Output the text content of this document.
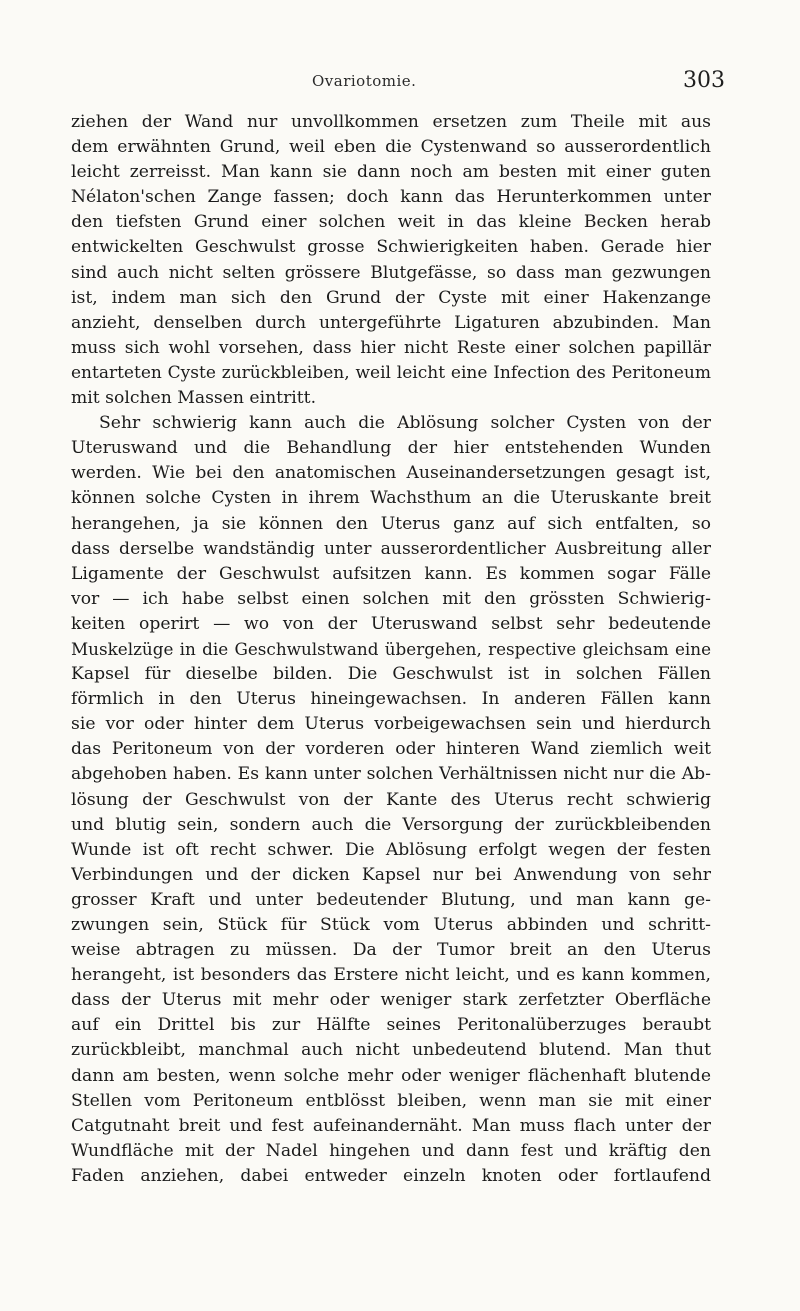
Ovariotomie.	303
ziehen der Wand nur unvollkommen ersetzen zum Theile mit aus
dem erwähnten Grund, weil eben die Cystenwand so ausserordentlich
leicht zerreisst. Man kann sie dann noch am besten mit einer guten
Nélaton'schen Zange fassen; doch kann das Herunterkommen unter
den tiefsten Grund einer solchen weit in das kleine Becken herab
entwickelten Geschwulst grosse Schwierigkeiten haben. Gerade hier
sind auch nicht selten grössere Blutgefässe, so dass man gezwungen
ist, indem man sich den Grund der Cyste mit einer Hakenzange
anzieht, denselben durch untergeführte Ligaturen abzubinden. Man
muss sich wohl vorsehen, dass hier nicht Reste einer solchen papillär
entarteten Cyste zurückbleiben, weil leicht eine Infection des Peritoneum
mit solchen Massen eintritt.
Sehr schwierig kann auch die Ablösung solcher Cysten von der
Uteruswand und die Behandlung der hier entstehenden Wunden
werden. Wie bei den anatomischen Auseinandersetzungen gesagt ist,
können solche Cysten in ihrem Wachsthum an die Uteruskante breit
herangehen, ja sie können den Uterus ganz auf sich entfalten, so
dass derselbe wandständig unter ausserordentlicher Ausbreitung aller
Ligamente der Geschwulst aufsitzen kann. Es kommen sogar Fälle
vor — ich habe selbst einen solchen mit den grössten Schwierig-
keiten operirt — wo von der Uteruswand selbst sehr bedeutende
Muskelzüge in die Geschwulstwand übergehen, respective gleichsam eine
Kapsel für dieselbe bilden. Die Geschwulst ist in solchen Fällen
förmlich in den Uterus hineingewachsen. In anderen Fällen kann
sie vor oder hinter dem Uterus vorbeigewachsen sein und hierdurch
das Peritoneum von der vorderen oder hinteren Wand ziemlich weit
abgehoben haben. Es kann unter solchen Verhältnissen nicht nur die Ab-
lösung der Geschwulst von der Kante des Uterus recht schwierig
und blutig sein, sondern auch die Versorgung der zurückbleibenden
Wunde ist oft recht schwer. Die Ablösung erfolgt wegen der festen
Verbindungen und der dicken Kapsel nur bei Anwendung von sehr
grosser Kraft und unter bedeutender Blutung, und man kann ge-
zwungen sein, Stück für Stück vom Uterus abbinden und schritt-
weise abtragen zu müssen. Da der Tumor breit an den Uterus
herangeht, ist besonders das Erstere nicht leicht, und es kann kommen,
dass der Uterus mit mehr oder weniger stark zerfetzter Oberfläche
auf ein Drittel bis zur Hälfte seines Peritonalüberzuges beraubt
zurückbleibt, manchmal auch nicht unbedeutend blutend. Man thut
dann am besten, wenn solche mehr oder weniger flächenhaft blutende
Stellen vom Peritoneum entblösst bleiben, wenn man sie mit einer
Catgutnaht breit und fest aufeinandernäht. Man muss flach unter der
Wundfläche mit der Nadel hingehen und dann fest und kräftig den
Faden anziehen, dabei entweder einzeln knoten oder fortlaufend
